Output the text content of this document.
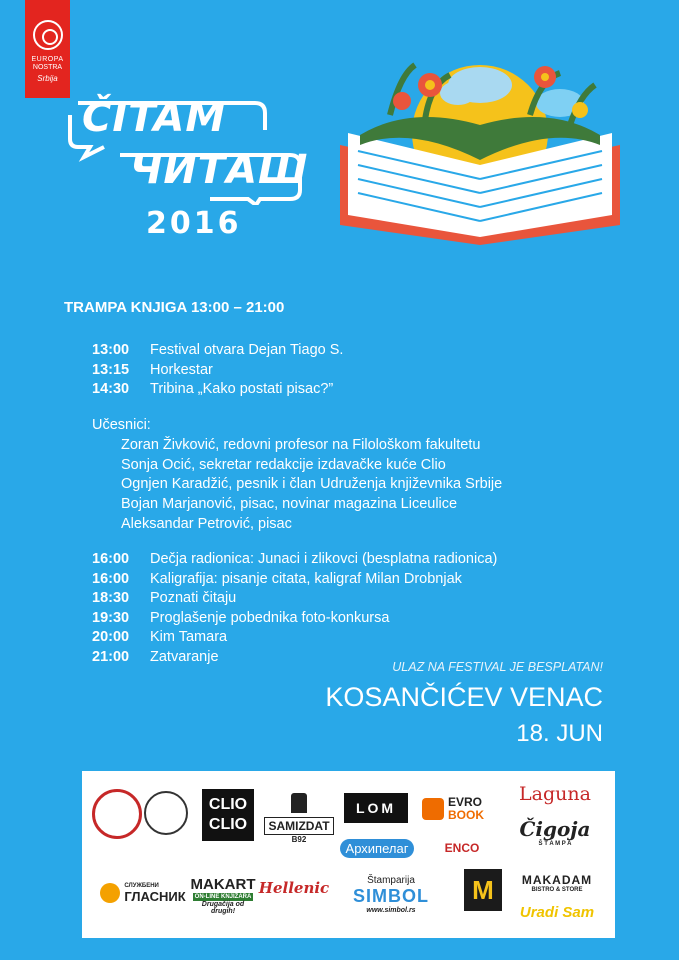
EUROPA
NOSTRA
Srbija
ČITAM
ЧИТАШ
2016
TRAMPA KNJIGA 13:00 – 21:00
13:00	Festival otvara Dejan Tiago S.
13:15	Horkestar
14:30	Tribina „Kako postati pisac?”
Učesnici:
Zoran Živković, redovni profesor na Filološkom fakultetu
Sonja Ocić, sekretar redakcije izdavačke kuće Clio
Ognjen Karadžić, pesnik i član Udruženja književnika Srbije
Bojan Marjanović, pisac, novinar magazina Liceulice
Aleksandar Petrović, pisac
16:00	Dečja radionica: Junaci i zlikovci (besplatna radionica)
16:00	Kaligrafija: pisanje citata, kaligraf Milan Drobnjak
18:30	Poznati čitaju
19:30	Proglašenje pobednika foto-konkursa
20:00	Kim Tamara
21:00	Zatvaranje
ULAZ NA FESTIVAL JE BESPLATAN!
KOSANČIĆEV VENAC
18. JUN
CLIO
CLIO	SAMIZDAT
B92
LOM	EVRO
BOOK
Laguna
Čigoja
Š T A M P A
Архипелаг	ENCO
СЛУЖБЕНИ
ГЛАСНИК
MAKART
ON-LINE KNJIŽARA
Drugačija od drugih!
Hellenic	Štamparija
SIMBOL
www.simbol.rs
M	MAKADAM
BISTRO & STORE
Uradi Sam
